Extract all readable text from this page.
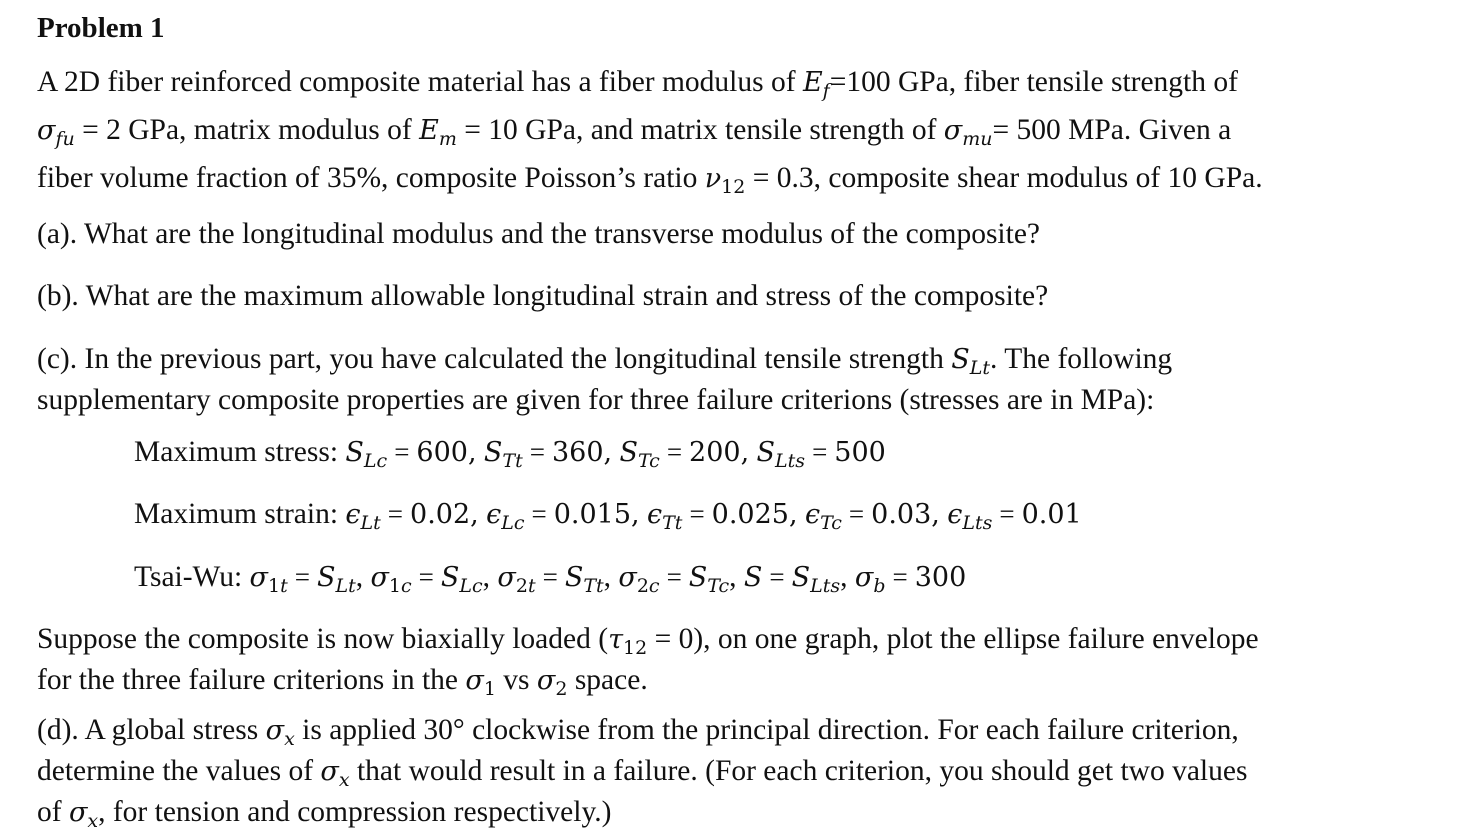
Problem 1
A 2D fiber reinforced composite material has a fiber modulus of $E_f=100$ GPa, fiber tensile strength of
$\sigma_{fu} = 2$ GPa, matrix modulus of $E_m = 10$ GPa, and matrix tensile strength of $\sigma_{mu}= 500$ MPa. Given a
fiber volume fraction of 35%, composite Poisson’s ratio $\nu_{12} = 0.3$, composite shear modulus of 10 GPa.
(a). What are the longitudinal modulus and the transverse modulus of the composite?
(b). What are the maximum allowable longitudinal strain and stress of the composite?
(c). In the previous part, you have calculated the longitudinal tensile strength $S_{Lt}$. The following
supplementary composite properties are given for three failure criterions (stresses are in MPa):
Maximum stress: $S_{Lc} = 600$, $S_{Tt} = 360$, $S_{Tc} = 200$, $S_{Lts} = 500$
Maximum strain: $\epsilon_{Lt} = 0.02$, $\epsilon_{Lc} = 0.015$, $\epsilon_{Tt} = 0.025$, $\epsilon_{Tc} = 0.03$, $\epsilon_{Lts} = 0.01$
Tsai-Wu: $\sigma_{1t} = S_{Lt}$, $\sigma_{1c} = S_{Lc}$, $\sigma_{2t} = S_{Tt}$, $\sigma_{2c} = S_{Tc}$, $S = S_{Lts}$, $\sigma_b = 300$
Suppose the composite is now biaxially loaded $(\tau_{12} = 0)$, on one graph, plot the ellipse failure envelope
for the three failure criterions in the $\sigma_1$ vs $\sigma_2$ space.
(d). A global stress $\sigma_x$ is applied 30° clockwise from the principal direction. For each failure criterion,
determine the values of $\sigma_x$ that would result in a failure. (For each criterion, you should get two values
of $\sigma_x$, for tension and compression respectively.)
